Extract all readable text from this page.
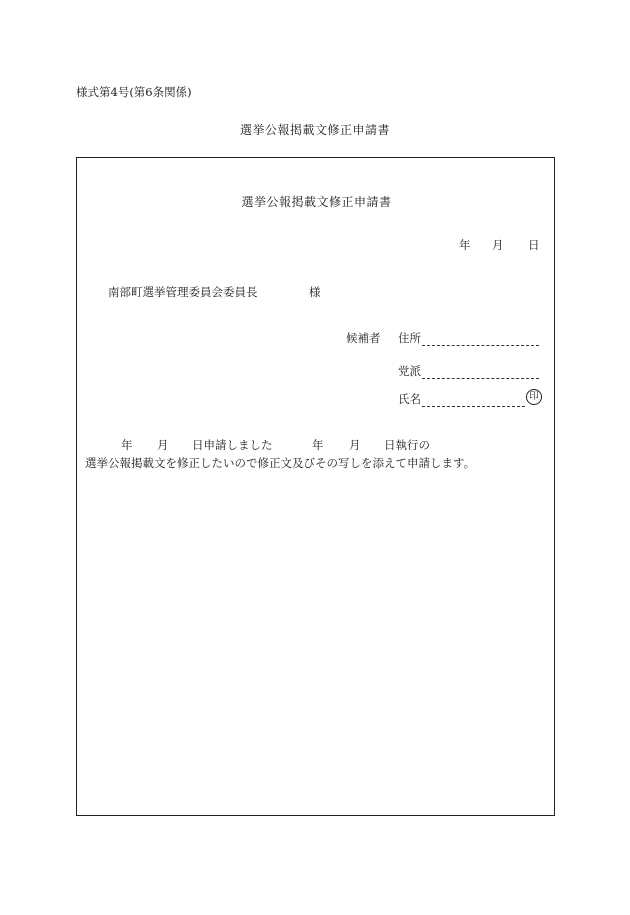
様式第4号(第6条関係)
選挙公報掲載文修正申請書
選挙公報掲載文修正申請書
年 月 日
南部町選挙管理委員会委員長	様
候補者 住所
党派
氏名	印
年 月 日申請しました	年 月 日執行の
選挙公報掲載文を修正したいので修正文及びその写しを添えて申請します。
